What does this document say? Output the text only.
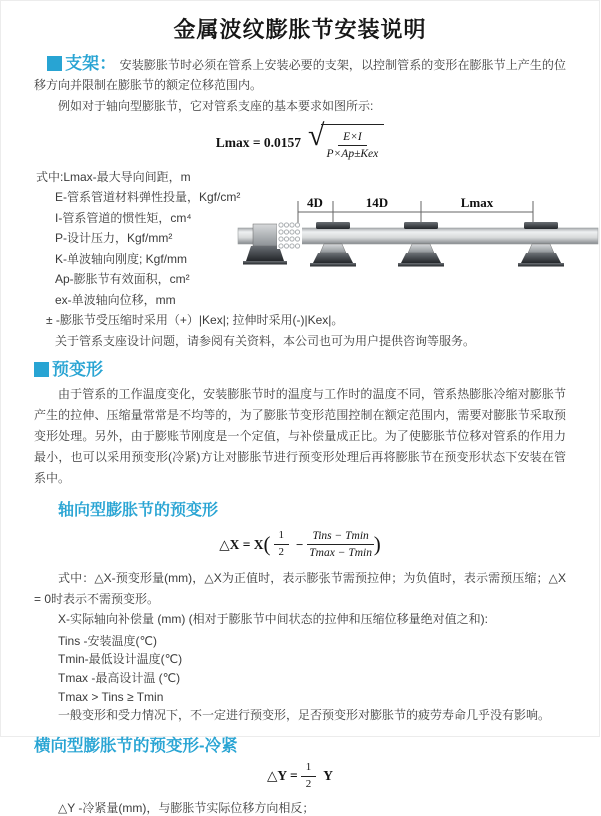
金属波纹膨胀节安装说明

支架： 安装膨胀节时必须在管系上安装必要的支架，以控制管系的变形在膨胀节上产生的位移方向并限制在膨胀节的额定位移范围内。

例如对于轴向型膨胀节，它对管系支座的基本要求如图所示:

Lmax = 0.0157 √ $\frac{E\times I}{\text{P×Ap±Kex}}$
式中:Lmax-最大导向间距，m
E-管系管道材料弹性投量，Kgf/cm²
I-管系管道的惯性矩，cm⁴
P-设计压力，Kgf/mm²
K-单波轴向刚度; Kgf/mm
Ap-膨胀节有效面积，cm²
ex-单波轴向位移，mm
± -膨胀节受压缩时采用（+）|Kex|; 拉伸时采用(-)|Kex|。
关于管系支座设计问题，请参阅有关资料，本公司也可为用户提供咨询等服务。
预变形

由于管系的工作温度变化，安装膨胀节时的温度与工作时的温度不同，管系热膨胀冷缩对膨胀节产生的拉伸、压缩量常常是不均等的，为了膨胀节变形范围控制在额定范围内，需要对膨胀节采取预变形处理。另外，由于膨账节刚度是一个定值，与补偿量成正比。为了使膨胀节位移对管系的作用力最小，也可以采用预变形(冷紧)方让对膨胀节进行预变形处理后再将膨胀节在预变形状态下安装在管系中。

轴向型膨胀节的预变形
△X = X ( $\frac{1}{2} - \frac{\text{Tins − Tmin}}{Tmax - Tmin}$ )

式中：△X-预变形量(mm)，△X为正值时，表示膨张节需预拉伸；为负值时，表示需预压缩；△X = 0时表示不需预变形。

X-实际轴向补偿量 (mm) (相对于膨胀节中间状态的拉伸和压缩位移量绝对值之和):
Tins -安装温度(℃)
Tmin-最低设计温度(℃)
Tmax -最高设计温 (℃)
Tmax > Tins ≥ Tmin
一般变形和受力情况下，不一定进行预变形，足否预变形对膨胀节的疲劳寿命几乎没有影响。
横向型膨胀节的预变形-冷紧
△Y = $\frac{1}{2}$ Y
△Y -冷紧量(mm)，与膨胀节实际位移方向相反；
4D	14D	Lmax
